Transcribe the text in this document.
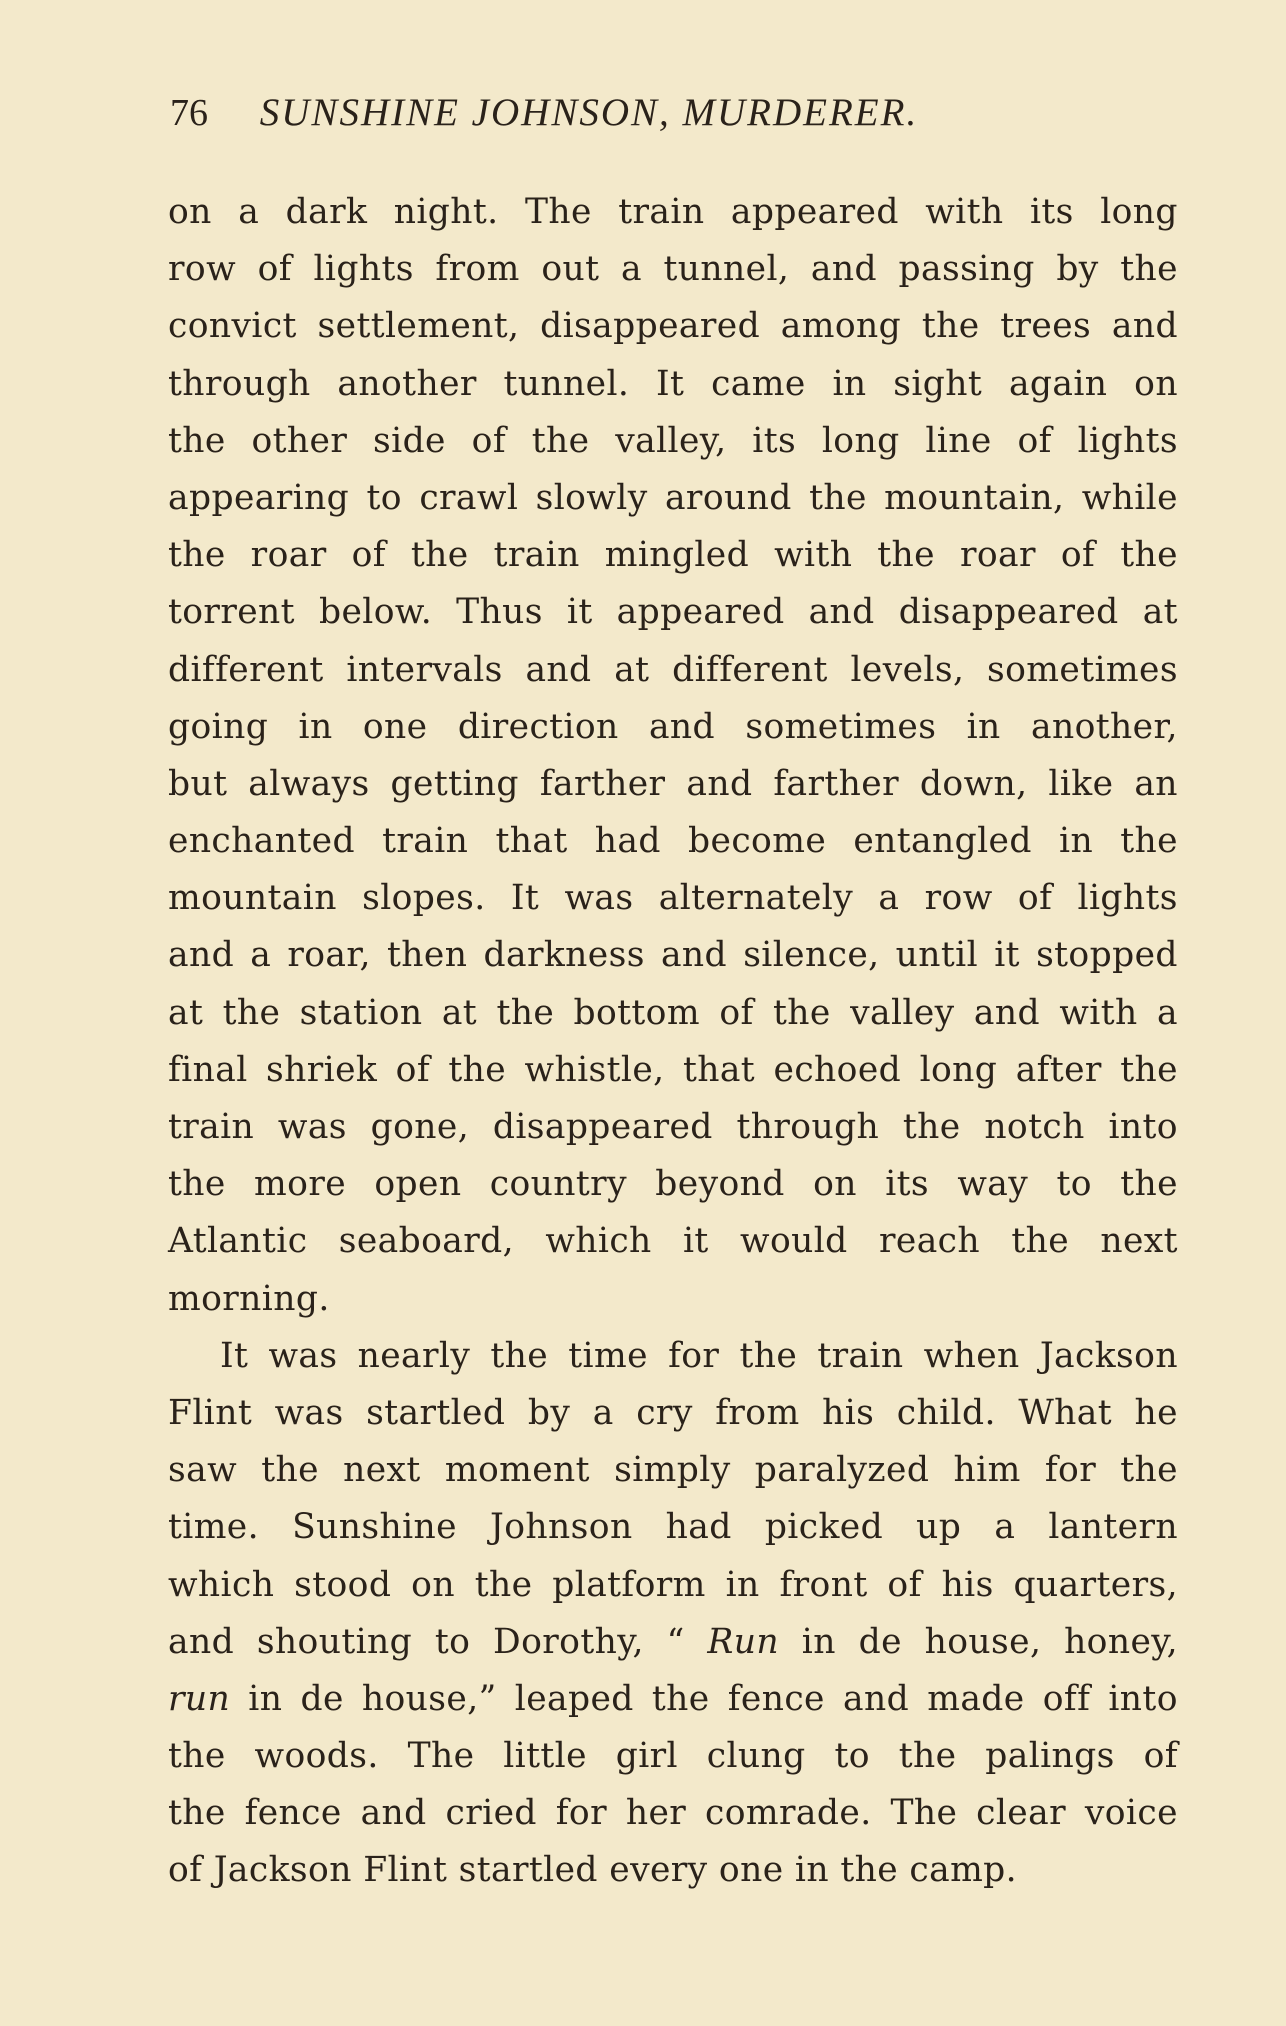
76 SUNSHINE JOHNSON, MURDERER.
on a dark night. The train appeared with its long
row of lights from out a tunnel, and passing by the
convict settlement, disappeared among the trees and
through another tunnel. It came in sight again on
the other side of the valley, its long line of lights
appearing to crawl slowly around the mountain, while
the roar of the train mingled with the roar of the
torrent below. Thus it appeared and disappeared at
different intervals and at different levels, sometimes
going in one direction and sometimes in another,
but always getting farther and farther down, like an
enchanted train that had become entangled in the
mountain slopes. It was alternately a row of lights
and a roar, then darkness and silence, until it stopped
at the station at the bottom of the valley and with a
final shriek of the whistle, that echoed long after the
train was gone, disappeared through the notch into
the more open country beyond on its way to the
Atlantic seaboard, which it would reach the next
morning.
It was nearly the time for the train when Jackson
Flint was startled by a cry from his child. What he
saw the next moment simply paralyzed him for the
time. Sunshine Johnson had picked up a lantern
which stood on the platform in front of his quarters,
and shouting to Dorothy, “ Run in de house, honey,
run in de house,” leaped the fence and made off into
the woods. The little girl clung to the palings of
the fence and cried for her comrade. The clear voice
of Jackson Flint startled every one in the camp.
